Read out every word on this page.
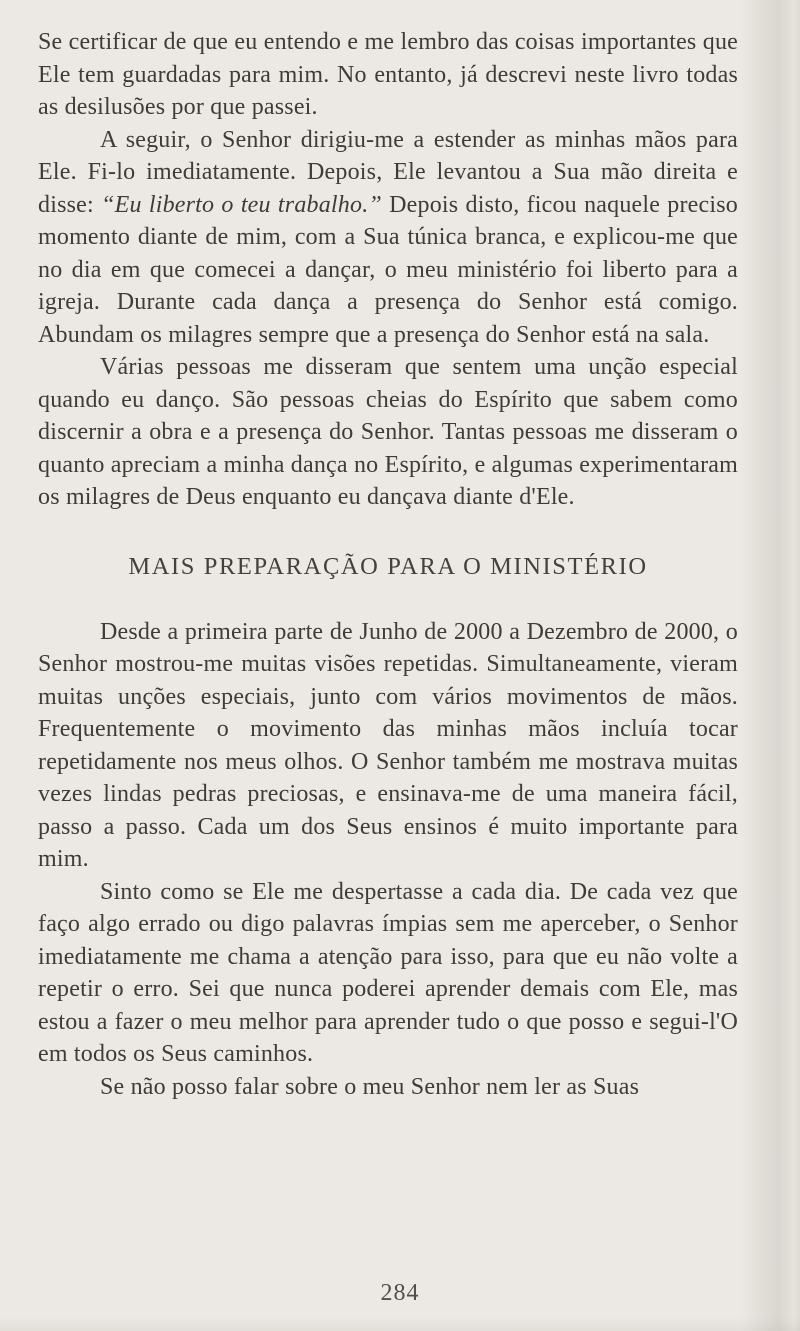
Se certificar de que eu entendo e me lembro das coisas importantes que Ele tem guardadas para mim. No entanto, já descrevi neste livro todas as desilusões por que passei.

A seguir, o Senhor dirigiu-me a estender as minhas mãos para Ele. Fi-lo imediatamente. Depois, Ele levantou a Sua mão direita e disse: “Eu liberto o teu trabalho.” Depois disto, ficou naquele preciso momento diante de mim, com a Sua túnica branca, e explicou-me que no dia em que comecei a dançar, o meu ministério foi liberto para a igreja. Durante cada dança a presença do Senhor está comigo. Abundam os milagres sempre que a presença do Senhor está na sala.

Várias pessoas me disseram que sentem uma unção especial quando eu danço. São pessoas cheias do Espírito que sabem como discernir a obra e a presença do Senhor. Tantas pessoas me disseram o quanto apreciam a minha dança no Espírito, e algumas experimentaram os milagres de Deus enquanto eu dançava diante d'Ele.

MAIS PREPARAÇÃO PARA O MINISTÉRIO

Desde a primeira parte de Junho de 2000 a Dezembro de 2000, o Senhor mostrou-me muitas visões repetidas. Simultaneamente, vieram muitas unções especiais, junto com vários movimentos de mãos. Frequentemente o movimento das minhas mãos incluía tocar repetidamente nos meus olhos. O Senhor também me mostrava muitas vezes lindas pedras preciosas, e ensinava-me de uma maneira fácil, passo a passo. Cada um dos Seus ensinos é muito importante para mim.

Sinto como se Ele me despertasse a cada dia. De cada vez que faço algo errado ou digo palavras ímpias sem me aperceber, o Senhor imediatamente me chama a atenção para isso, para que eu não volte a repetir o erro. Sei que nunca poderei aprender demais com Ele, mas estou a fazer o meu melhor para aprender tudo o que posso e segui-l'O em todos os Seus caminhos.

Se não posso falar sobre o meu Senhor nem ler as Suas

284
